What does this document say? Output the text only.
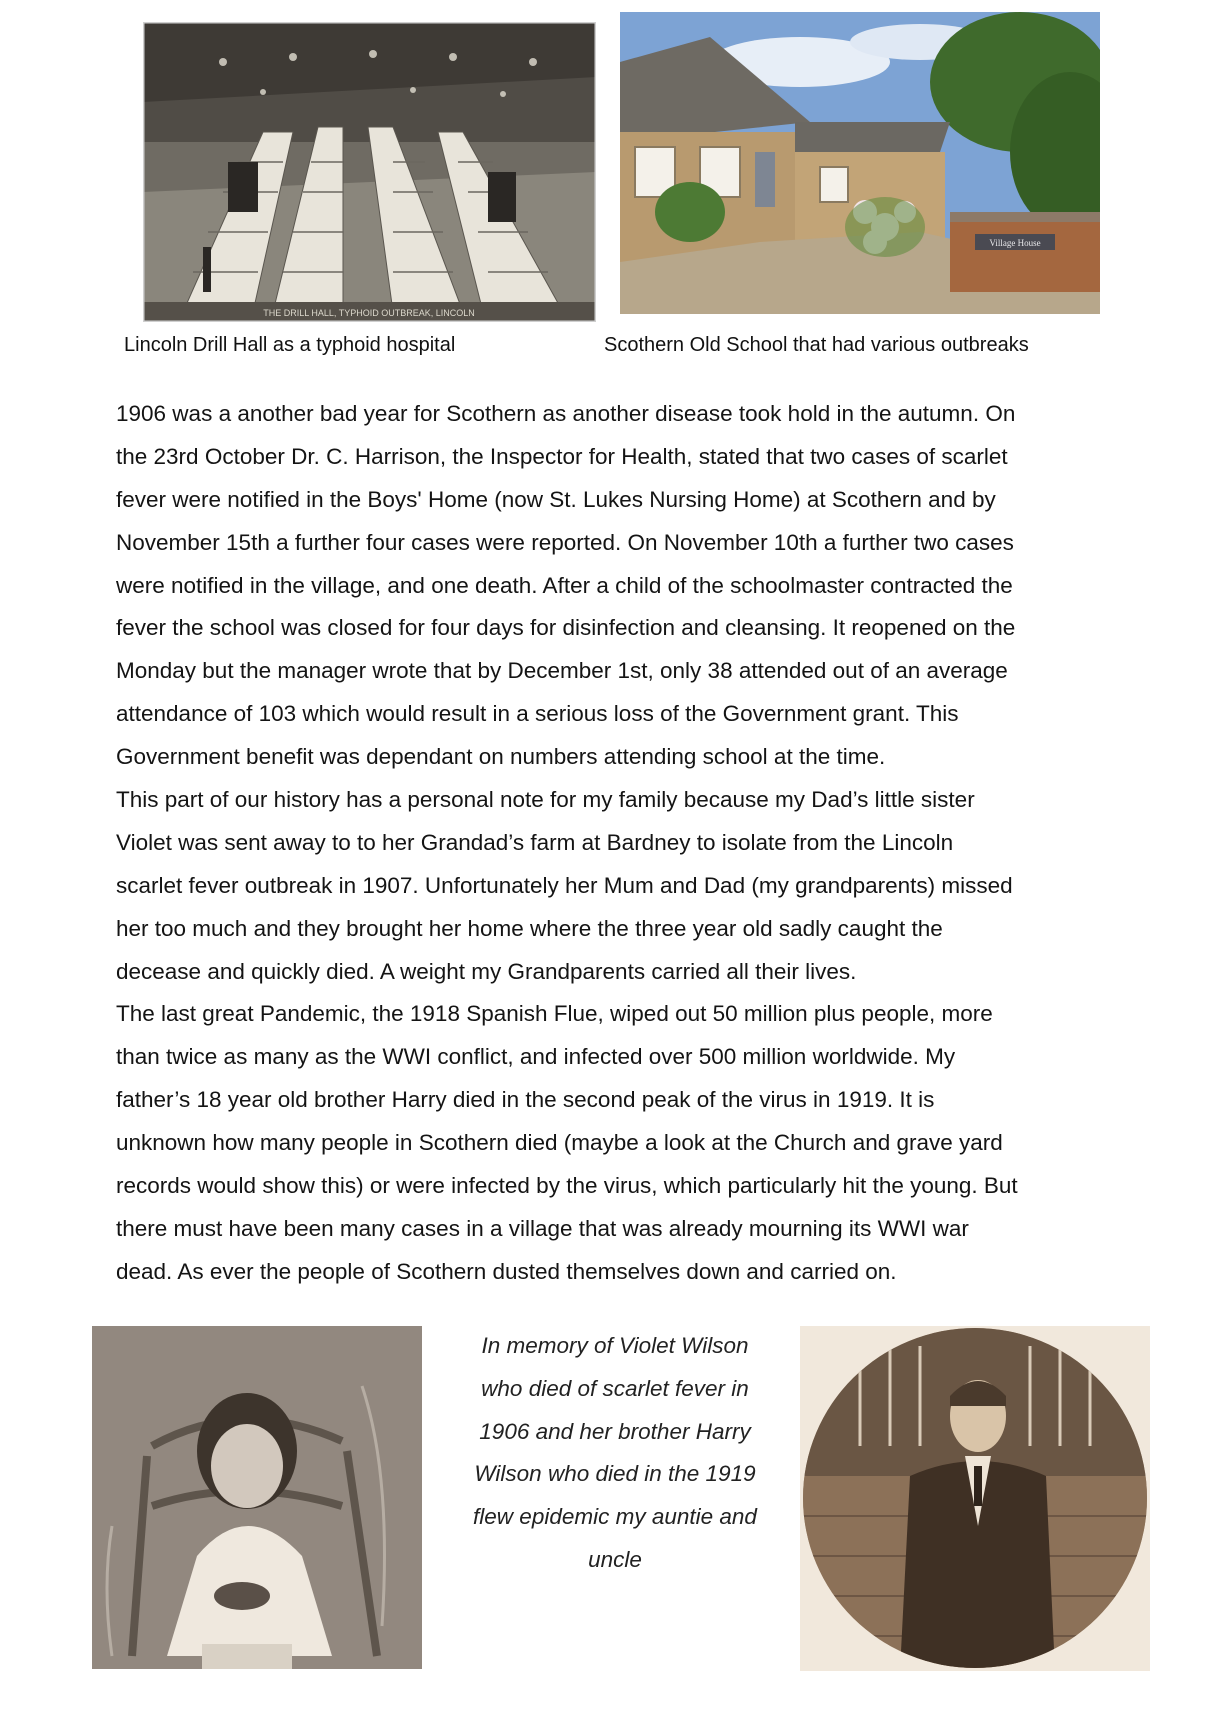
THE DRILL HALL, TYPHOID OUTBREAK, LINCOLN
Village House
Lincoln Drill Hall as a typhoid hospital	Scothern Old School that had various outbreaks
1906 was a another bad year for Scothern as another disease took hold in the autumn. On
the 23rd October Dr. C. Harrison, the Inspector for Health, stated that two cases of scarlet
fever were notified in the Boys' Home (now St. Lukes Nursing Home) at Scothern and by
November 15th a further four cases were reported. On November 10th a further two cases
were notified in the village, and one death. After a child of the schoolmaster contracted the
fever the school was closed for four days for disinfection and cleansing. It reopened on the
Monday but the manager wrote that by December 1st, only 38 attended out of an average
attendance of 103 which would result in a serious loss of the Government grant. This
Government benefit was dependant on numbers attending school at the time.
This part of our history has a personal note for my family because my Dad’s little sister
Violet was sent away to to her Grandad’s farm at Bardney to isolate from the Lincoln
scarlet fever outbreak in 1907. Unfortunately her Mum and Dad (my grandparents) missed
her too much and they brought her home where the three year old sadly caught the
decease and quickly died. A weight my Grandparents carried all their lives.
The last great Pandemic, the 1918 Spanish Flue, wiped out 50 million plus people, more
than twice as many as the WWI conflict, and infected over 500 million worldwide. My
father’s 18 year old brother Harry died in the second peak of the virus in 1919. It is
unknown how many people in Scothern died (maybe a look at the Church and grave yard
records would show this) or were infected by the virus, which particularly hit the young. But
there must have been many cases in a village that was already mourning its WWI war
dead. As ever the people of Scothern dusted themselves down and carried on.
In memory of Violet Wilson
who died of scarlet fever in
1906 and her brother Harry
Wilson who died in the 1919
flew epidemic my auntie and
uncle
